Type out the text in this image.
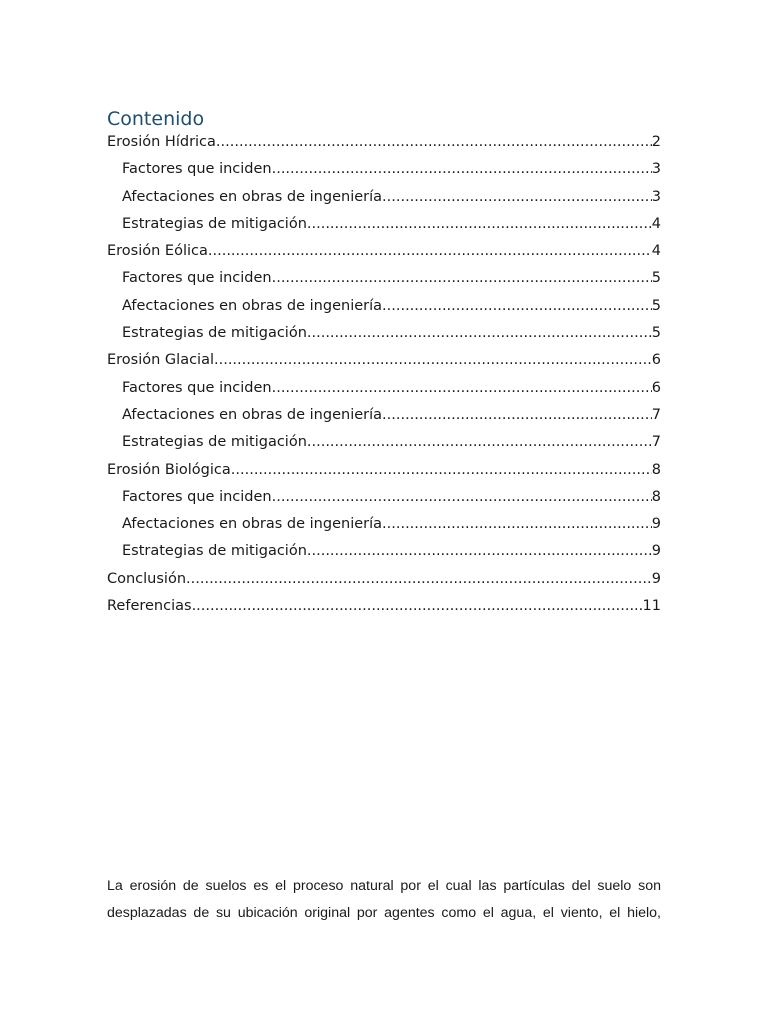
Contenido
Erosión Hídrica .....	2
Factores que inciden .....	3
Afectaciones en obras de ingeniería .....	3
Estrategias de mitigación .....	4
Erosión Eólica .....	4
Factores que inciden .....	5
Afectaciones en obras de ingeniería .....	5
Estrategias de mitigación .....	5
Erosión Glacial .....	6
Factores que inciden .....	6
Afectaciones en obras de ingeniería .....	7
Estrategias de mitigación .....	7
Erosión Biológica .....	8
Factores que inciden .....	8
Afectaciones en obras de ingeniería .....	9
Estrategias de mitigación .....	9
Conclusión .....	9
Referencias .....	11

La erosión de suelos es el proceso natural por el cual las partículas del suelo son
desplazadas de su ubicación original por agentes como el agua, el viento, el hielo,
